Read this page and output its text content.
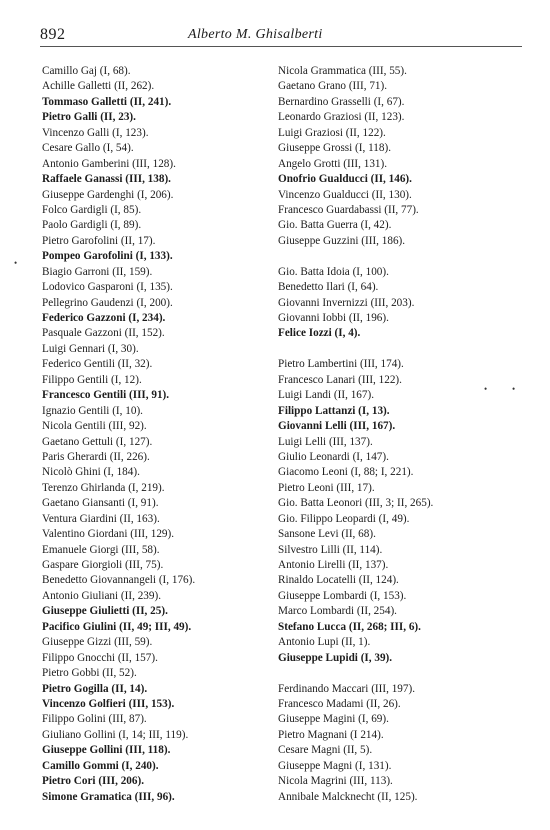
892	Alberto M. Ghisalberti
Camillo Gaj (I, 68).
Achille Galletti (II, 262).
Tommaso Galletti (II, 241).
Pietro Galli (II, 23).
Vincenzo Galli (I, 123).
Cesare Gallo (I, 54).
Antonio Gamberini (III, 128).
Raffaele Ganassi (III, 138).
Giuseppe Gardenghi (I, 206).
Folco Gardigli (I, 85).
Paolo Gardigli (I, 89).
Pietro Garofolini (II, 17).
Pompeo Garofolini (I, 133).
Biagio Garroni (II, 159).
Lodovico Gasparoni (I, 135).
Pellegrino Gaudenzi (I, 200).
Federico Gazzoni (I, 234).
Pasquale Gazzoni (II, 152).
Luigi Gennari (I, 30).
Federico Gentili (II, 32).
Filippo Gentili (I, 12).
Francesco Gentili (III, 91).
Ignazio Gentili (I, 10).
Nicola Gentili (III, 92).
Gaetano Gettuli (I, 127).
Paris Gherardi (II, 226).
Nicolò Ghini (I, 184).
Terenzo Ghirlanda (I, 219).
Gaetano Giansanti (I, 91).
Ventura Giardini (II, 163).
Valentino Giordani (III, 129).
Emanuele Giorgi (III, 58).
Gaspare Giorgioli (III, 75).
Benedetto Giovannangeli (I, 176).
Antonio Giuliani (II, 239).
Giuseppe Giulietti (II, 25).
Pacifico Giulini (II, 49; III, 49).
Giuseppe Gizzi (III, 59).
Filippo Gnocchi (II, 157).
Pietro Gobbi (II, 52).
Pietro Gogilla (II, 14).
Vincenzo Golfieri (III, 153).
Filippo Golini (III, 87).
Giuliano Gollini (I, 14; III, 119).
Giuseppe Gollini (III, 118).
Camillo Gommi (I, 240).
Pietro Cori (III, 206).
Simone Gramatica (III, 96).
Nicola Grammatica (III, 55).
Gaetano Grano (III, 71).
Bernardino Grasselli (I, 67).
Leonardo Graziosi (II, 123).
Luigi Graziosi (II, 122).
Giuseppe Grossi (I, 118).
Angelo Grotti (III, 131).
Onofrio Gualducci (II, 146).
Vincenzo Gualducci (II, 130).
Francesco Guardabassi (II, 77).
Gio. Batta Guerra (I, 42).
Giuseppe Guzzini (III, 186).
Gio. Batta Idoia (I, 100).
Benedetto Ilari (I, 64).
Giovanni Invernizzi (III, 203).
Giovanni Iobbi (II, 196).
Felice Iozzi (I, 4).
Pietro Lambertini (III, 174).
Francesco Lanari (III, 122).
Luigi Landi (II, 167).
Filippo Lattanzi (I, 13).
Giovanni Lelli (III, 167).
Luigi Lelli (III, 137).
Giulio Leonardi (I, 147).
Giacomo Leoni (I, 88; I, 221).
Pietro Leoni (III, 17).
Gio. Batta Leonori (III, 3; II, 265).
Gio. Filippo Leopardi (I, 49).
Sansone Levi (II, 68).
Silvestro Lilli (II, 114).
Antonio Lirelli (II, 137).
Rinaldo Locatelli (II, 124).
Giuseppe Lombardi (I, 153).
Marco Lombardi (II, 254).
Stefano Lucca (II, 268; III, 6).
Antonio Lupi (II, 1).
Giuseppe Lupidi (I, 39).
Ferdinando Maccari (III, 197).
Francesco Madami (II, 26).
Giuseppe Magini (I, 69).
Pietro Magnani (I 214).
Cesare Magni (II, 5).
Giuseppe Magni (I, 131).
Nicola Magrini (III, 113).
Annibale Malcknecht (II, 125).
•
•	•
